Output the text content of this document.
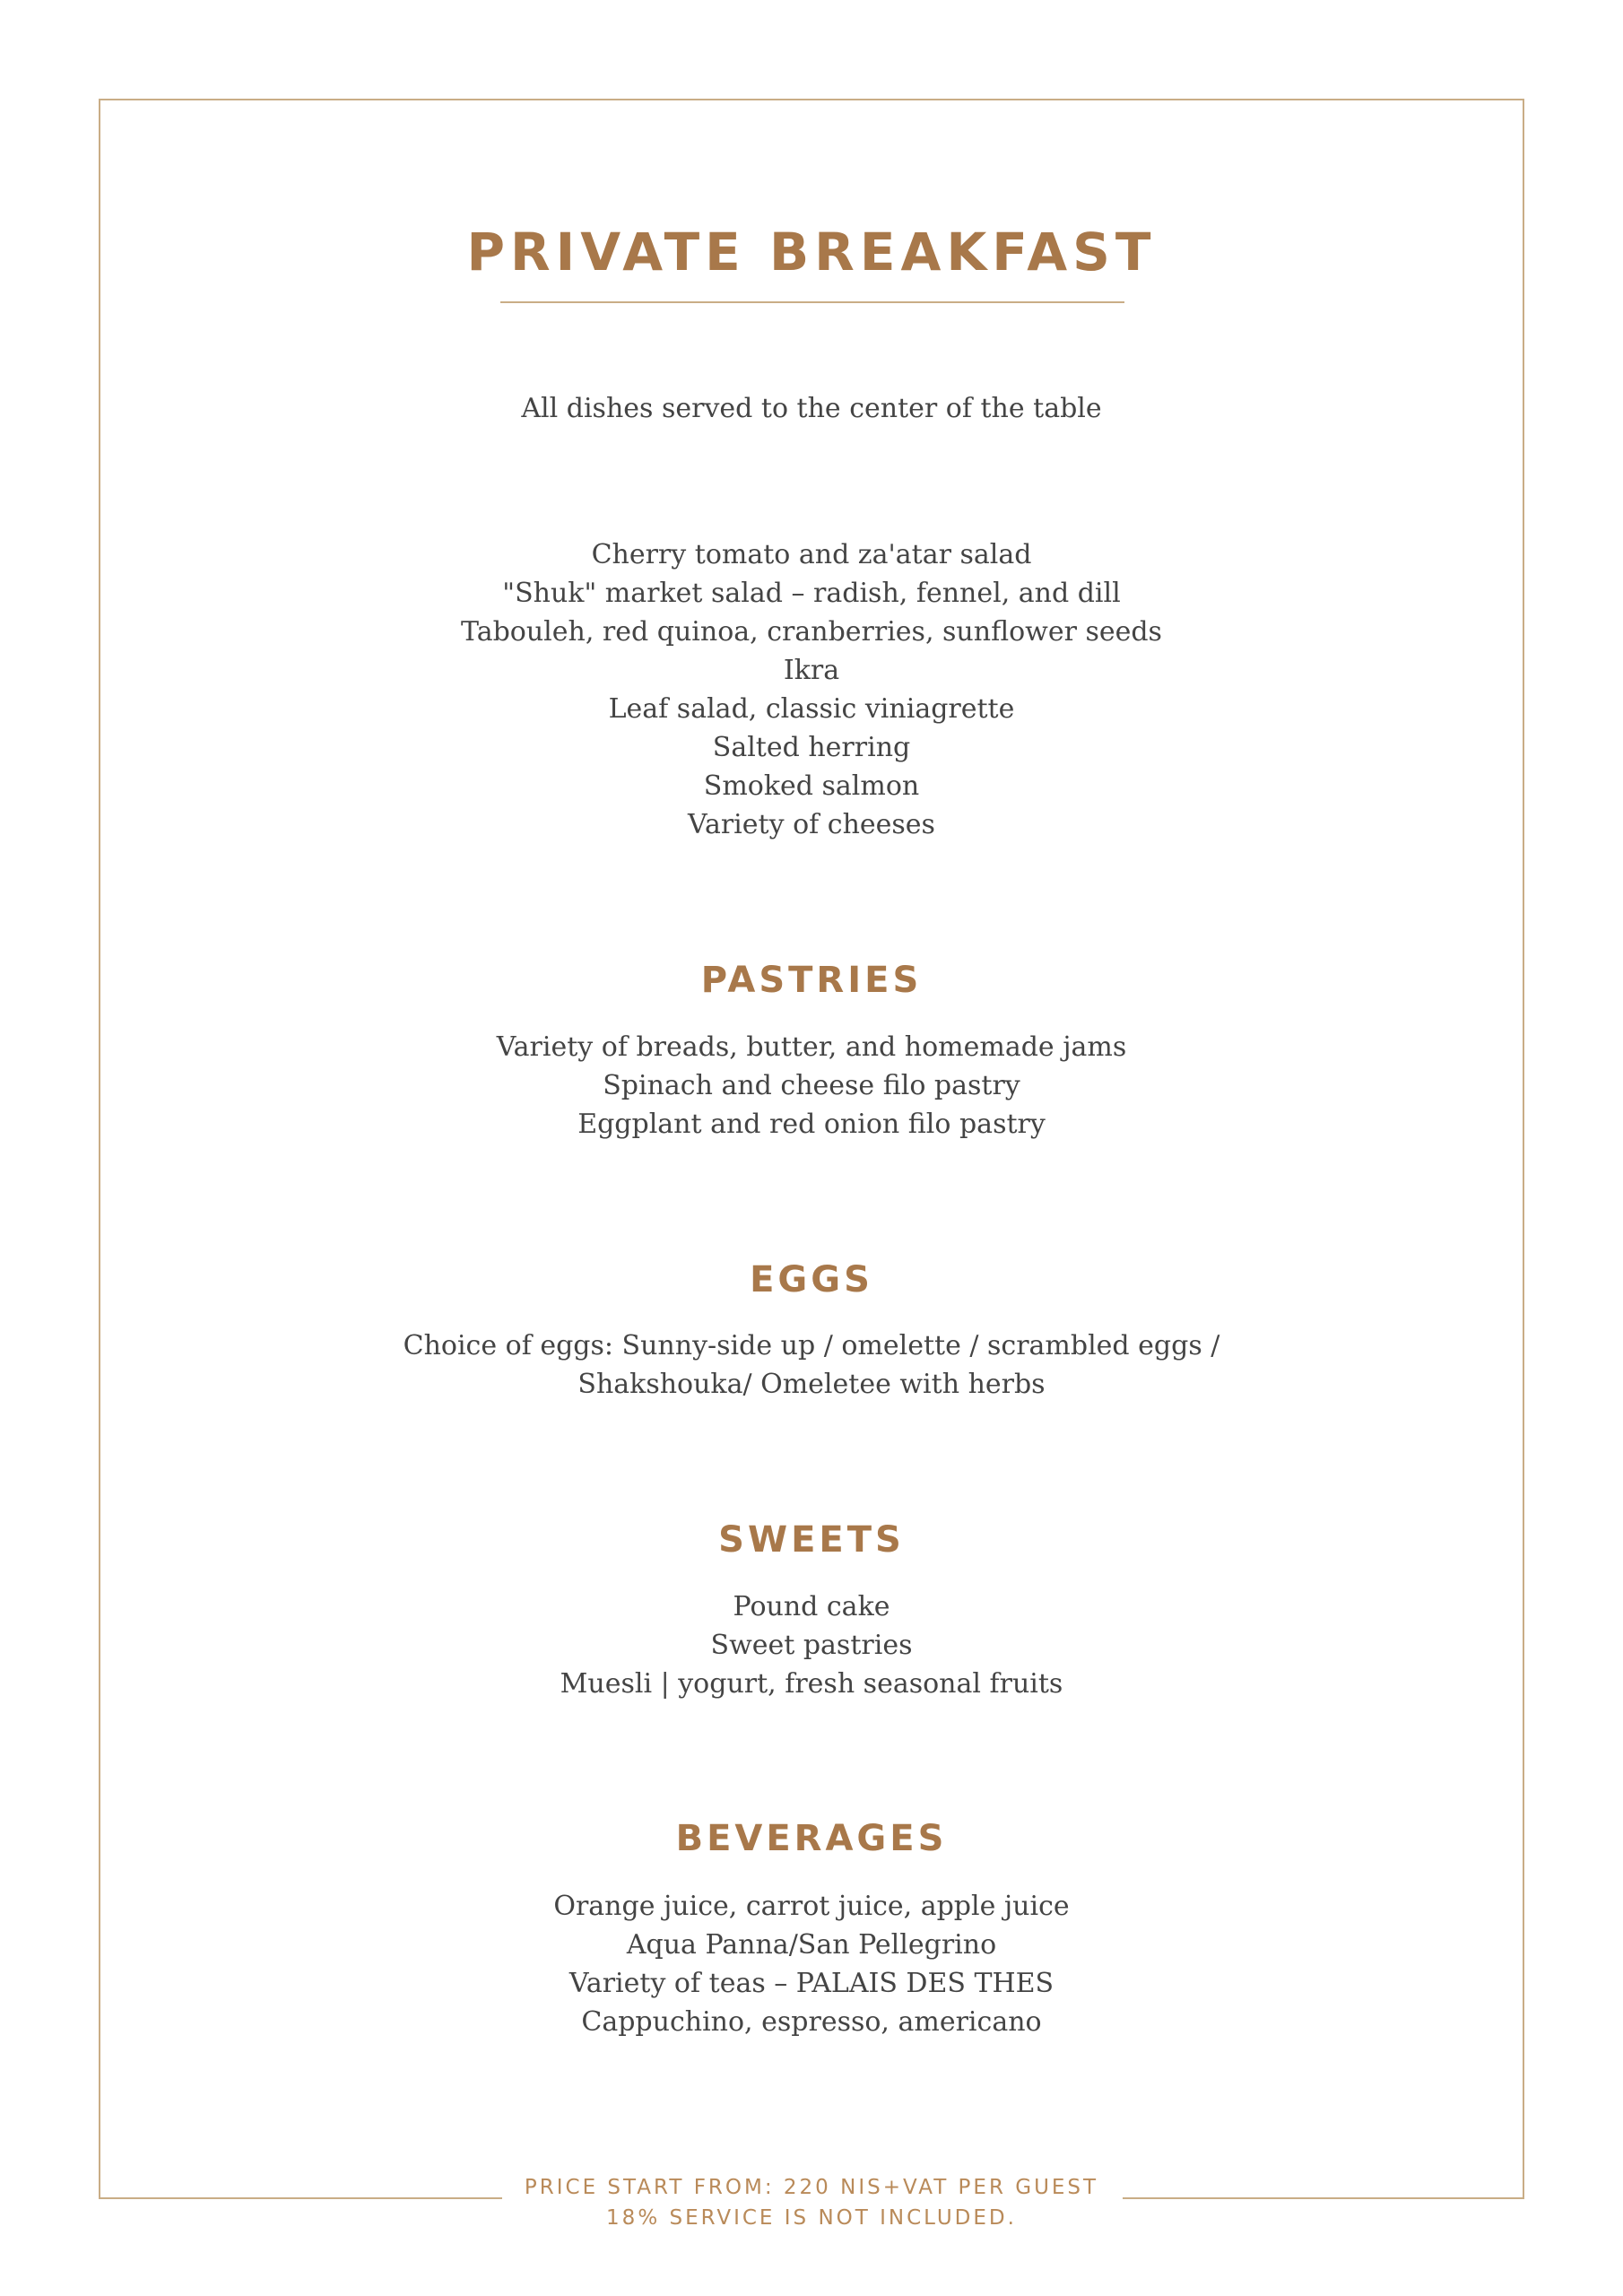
PRIVATE BREAKFAST
All dishes served to the center of the table
Cherry tomato and za'atar salad
"Shuk" market salad – radish, fennel, and dill
Tabouleh, red quinoa, cranberries, sunflower seeds
Ikra
Leaf salad, classic viniagrette
Salted herring
Smoked salmon
Variety of cheeses
PASTRIES
Variety of breads, butter, and homemade jams
Spinach and cheese filo pastry
Eggplant and red onion filo pastry
EGGS
Choice of eggs: Sunny-side up / omelette / scrambled eggs /
Shakshouka/ Omeletee with herbs
SWEETS
Pound cake
Sweet pastries
Muesli | yogurt, fresh seasonal fruits
BEVERAGES
Orange juice, carrot juice, apple juice
Aqua Panna/San Pellegrino
Variety of teas – PALAIS DES THES
Cappuchino, espresso, americano
PRICE START FROM: 220 NIS+VAT PER GUEST
18% SERVICE IS NOT INCLUDED.
